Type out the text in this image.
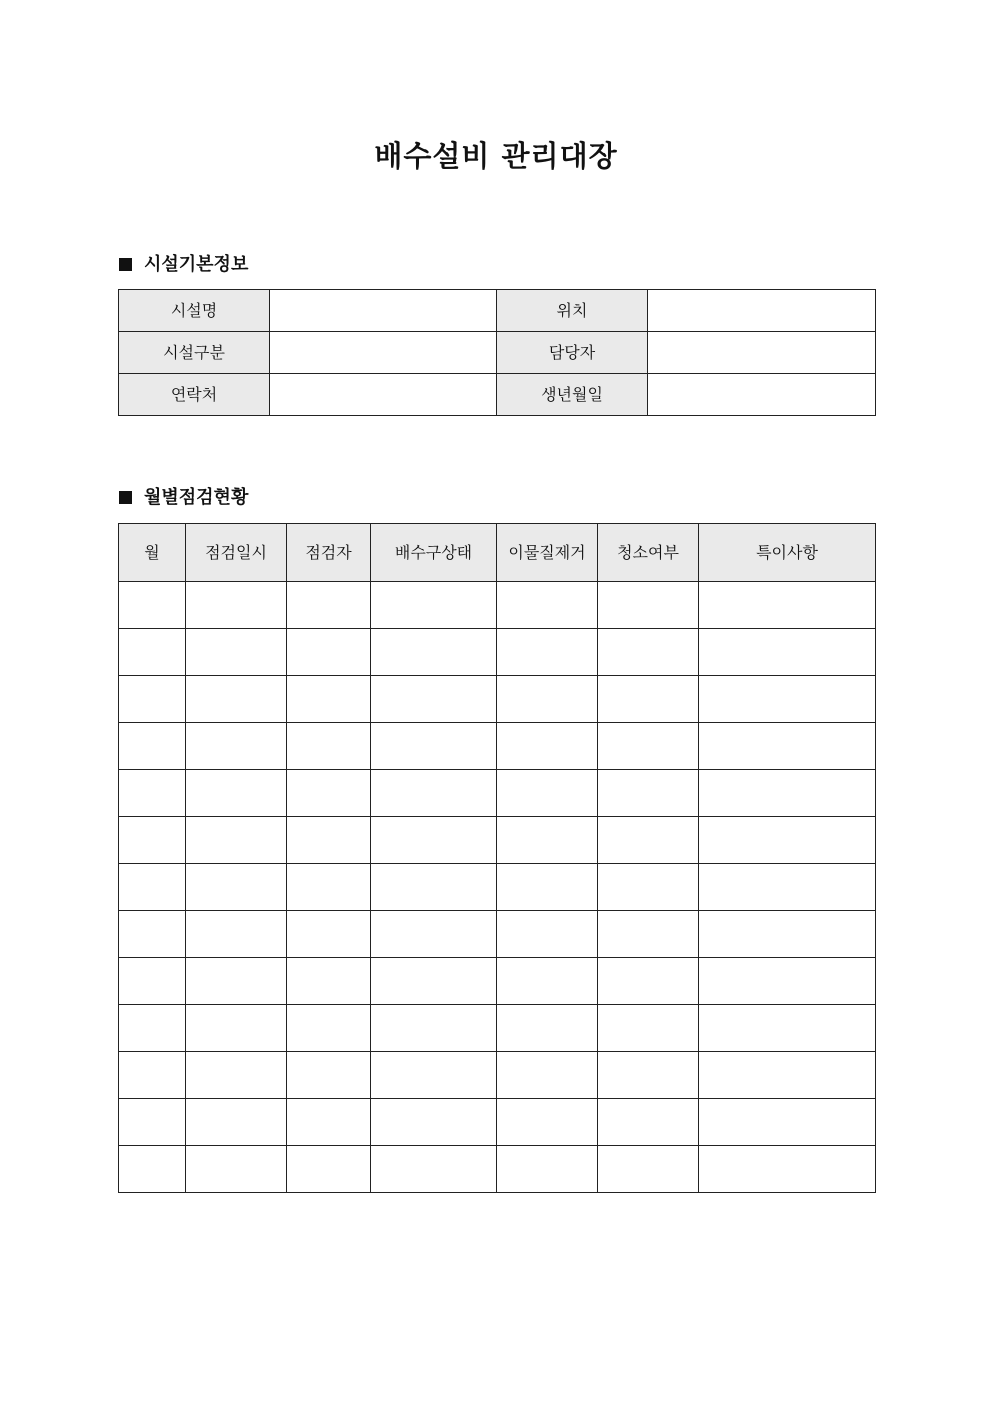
배수설비 관리대장
시설기본정보
시설명		위치	
시설구분		담당자	
연락처		생년월일	
월별점검현황
월	점검일시	점검자	배수구상태	이물질제거	청소여부	특이사항
